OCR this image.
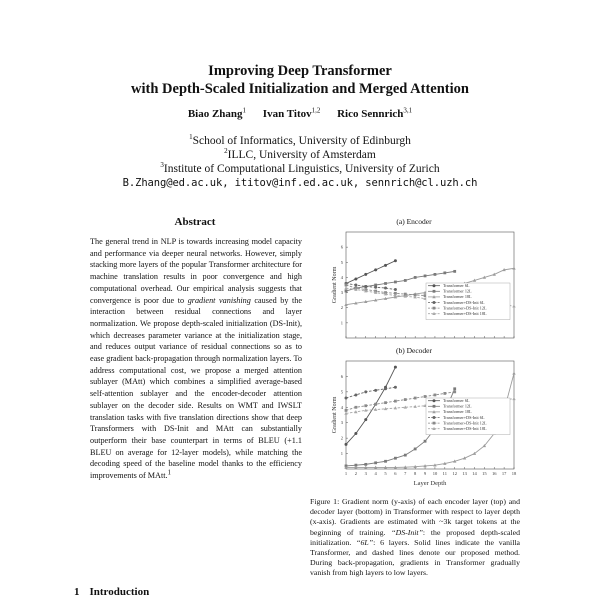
Improving Deep Transformer
with Depth-Scaled Initialization and Merged Attention
Biao Zhang$^1$ Ivan Titov$^{1,2}$ Rico Sennrich$^{3,1}$
$^1$School of Informatics, University of Edinburgh
$^2$ILLC, University of Amsterdam
$^3$Institute of Computational Linguistics, University of Zurich
B.Zhang@ed.ac.uk, ititov@inf.ed.ac.uk, sennrich@cl.uzh.ch
Abstract
The general trend in NLP is towards increasing model capacity and performance via deeper neural networks. However, simply stacking more layers of the popular Transformer architecture for machine translation results in poor convergence and high computational overhead. Our empirical analysis suggests that convergence is poor due to gradient vanishing caused by the interaction between residual connections and layer normalization. We propose depth-scaled initialization (DS-Init), which decreases parameter variance at the initialization stage, and reduces output variance of residual connections so as to ease gradient back-propagation through normalization layers. To address computational cost, we propose a merged attention sublayer (MAtt) which combines a simplified average-based self-attention sublayer and the encoder-decoder attention sublayer on the decoder side. Results on WMT and IWSLT translation tasks with five translation directions show that deep Transformers with DS-Init and MAtt can substantially outperform their base counterpart in terms of BLEU (+1.1 BLEU on average for 12-layer models), while matching the decoding speed of the baseline model thanks to the efficiency improvements of MAtt.$^1$
1 Introduction
(a) Encoder
1
2
3
4
5
6
Gradient Norm	Transformer 6L
Transformer 12L
Transformer 18L
Transformer+DS-Init 6L
Transformer+DS-Init 12L
Transformer+DS-Init 18L
(b) Decoder
1
2
3
4
5
6
1 2 3 4 5 6 7 8 9 10 11 12 13 14 15 16 17 18
Gradient Norm
Layer Depth
Transformer 6L
Transformer 12L
Transformer 18L
Transformer+DS-Init 6L
Transformer+DS-Init 12L
Transformer+DS-Init 18L
Figure 1: Gradient norm (y-axis) of each encoder layer (top) and decoder layer (bottom) in Transformer with respect to layer depth (x-axis). Gradients are estimated with ~3k target tokens at the beginning of training. “DS-Init”: the proposed depth-scaled initialization. “6L”: 6 layers. Solid lines indicate the vanilla Transformer, and dashed lines denote our proposed method. During back-propagation, gradients in Transformer gradually vanish from high layers to low layers.
